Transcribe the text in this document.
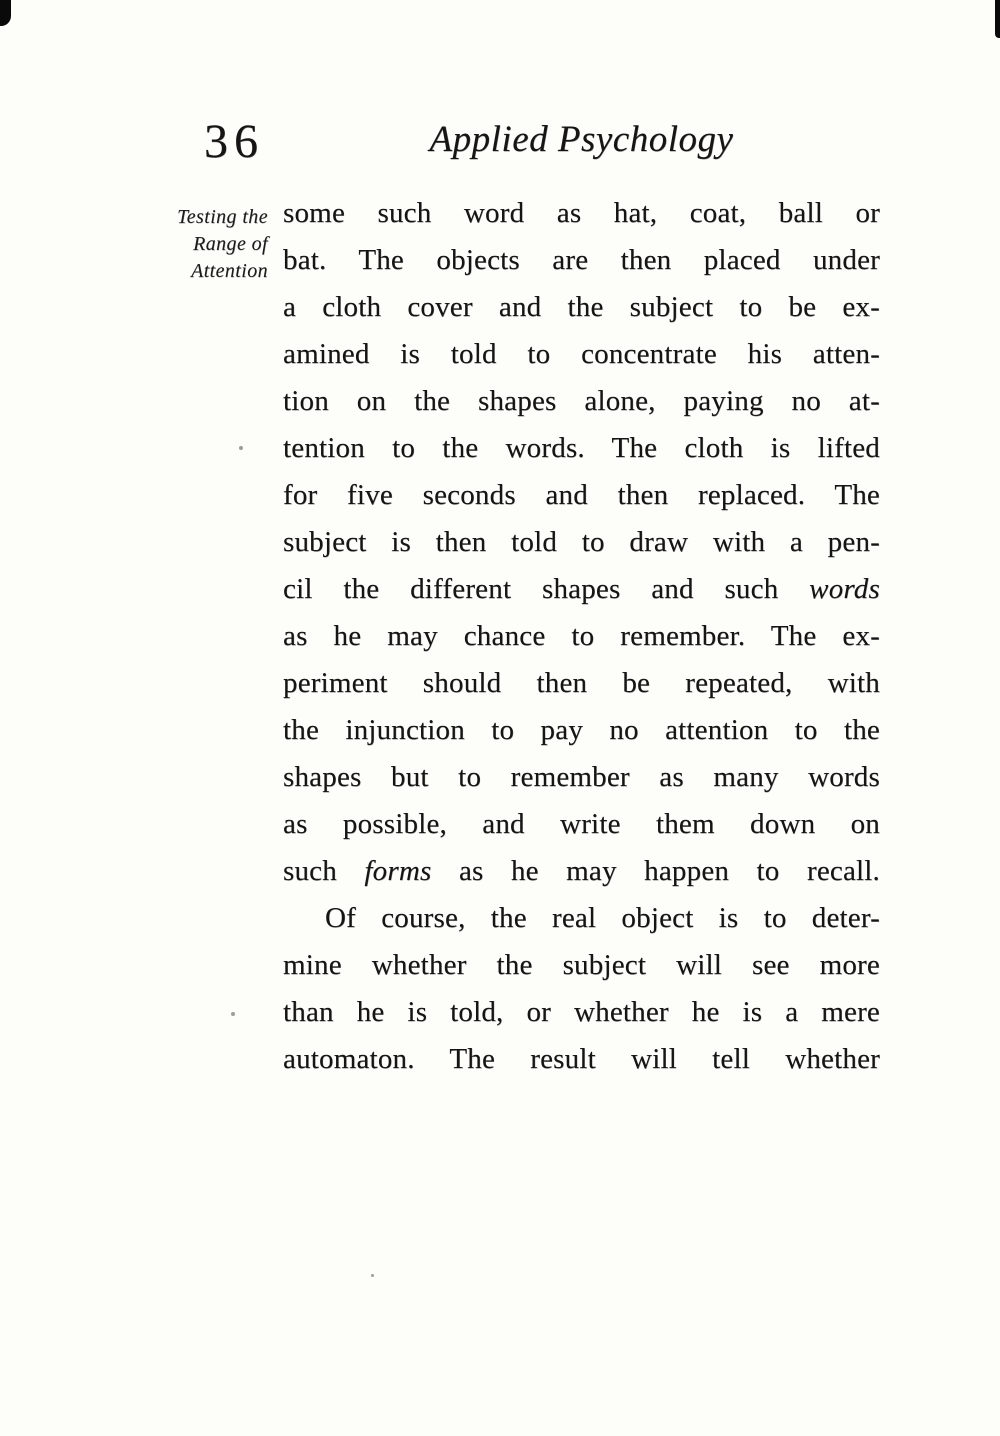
36	Applied Psychology
Testing the
Range of
Attention
some such word as hat, coat, ball or
bat. The objects are then placed under
a cloth cover and the subject to be ex-
amined is told to concentrate his atten-
tion on the shapes alone, paying no at-
tention to the words. The cloth is lifted
for five seconds and then replaced. The
subject is then told to draw with a pen-
cil the different shapes and such words
as he may chance to remember. The ex-
periment should then be repeated, with
the injunction to pay no attention to the
shapes but to remember as many words
as possible, and write them down on
such forms as he may happen to recall.
Of course, the real object is to deter-
mine whether the subject will see more
than he is told, or whether he is a mere
automaton. The result will tell whether
